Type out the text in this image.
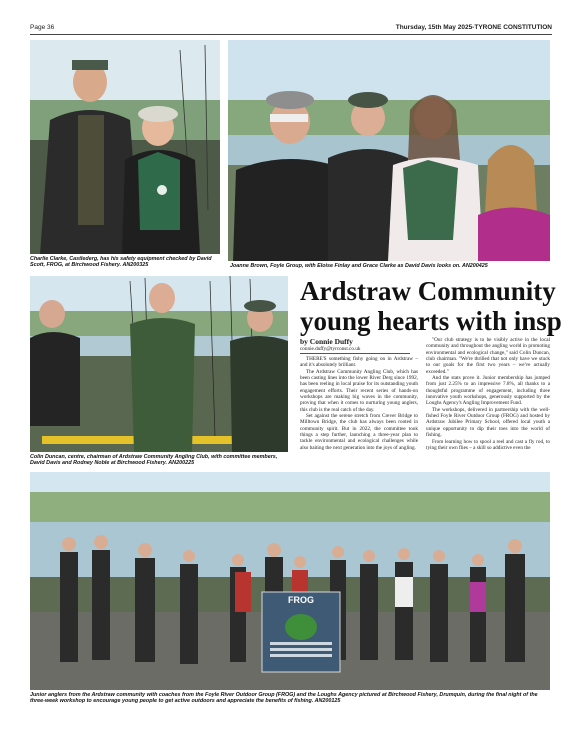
Page 36	Thursday, 15th May 2025-TYRONE CONSTITUTION
Charlie Clarke, Castlederg, has his safety equipment checked by David Scott, FROG, at Birchwood Fishery. AN200325	Joanne Brown, Foyle Group, with Eloise Finlay and Grace Clarke as David Davis looks on. AN200425
Colin Duncan, centre, chairman of Ardstraw Community Angling Club, with committee members, David Davis and Rodney Noble at Birchwood Fishery. AN200225
Ardstraw Community
young hearts with insp
by Connie Duffy
connie.duffy@tyrconst.co.uk

THERE'S something fishy going on in Ardstraw – and it's absolutely brilliant.

The Ardstraw Community Angling Club, which has been casting lines into the lower River Derg since 1992, has been reeling in local praise for its outstanding youth engagement efforts. Their recent series of hands-on workshops are making big waves in the community, proving that when it comes to nurturing young anglers, this club is the real catch of the day.

Set against the serene stretch from Crever Bridge to Milltown Bridge, the club has always been rooted in community spirit. But in 2022, the committee took things a step further, launching a three-year plan to tackle environmental and ecological challenges while also baiting the next generation into the joys of angling.

"Our club strategy is to be visibly active in the local community and throughout the angling world in promoting environmental and ecological change," said Colin Duncan, club chairman. "We're thrilled that not only have we stuck to our goals for the first two years – we've actually exceeded."

And the stats prove it. Junior membership has jumped from just 2.25% to an impressive 7.8%, all thanks to a thoughtful programme of engagement, including three innovative youth workshops, generously supported by the Loughs Agency's Angling Improvement Fund.

The workshops, delivered in partnership with the well-fished Foyle River Outdoor Group (FROG) and hosted by Ardstraw Jubilee Primary School, offered local youth a unique opportunity to dip their toes into the world of fishing.

From learning how to spool a reel and cast a fly rod, to tying their own flies – a skill so addictive even the

FROG
Junior anglers from the Ardstraw community with coaches from the Foyle River Outdoor Group (FROG) and the Loughs Agency pictured at Birchwood Fishery, Drumquin, during the final night of the three-week workshop to encourage young people to get active outdoors and appreciate the benefits of fishing. AN200125
